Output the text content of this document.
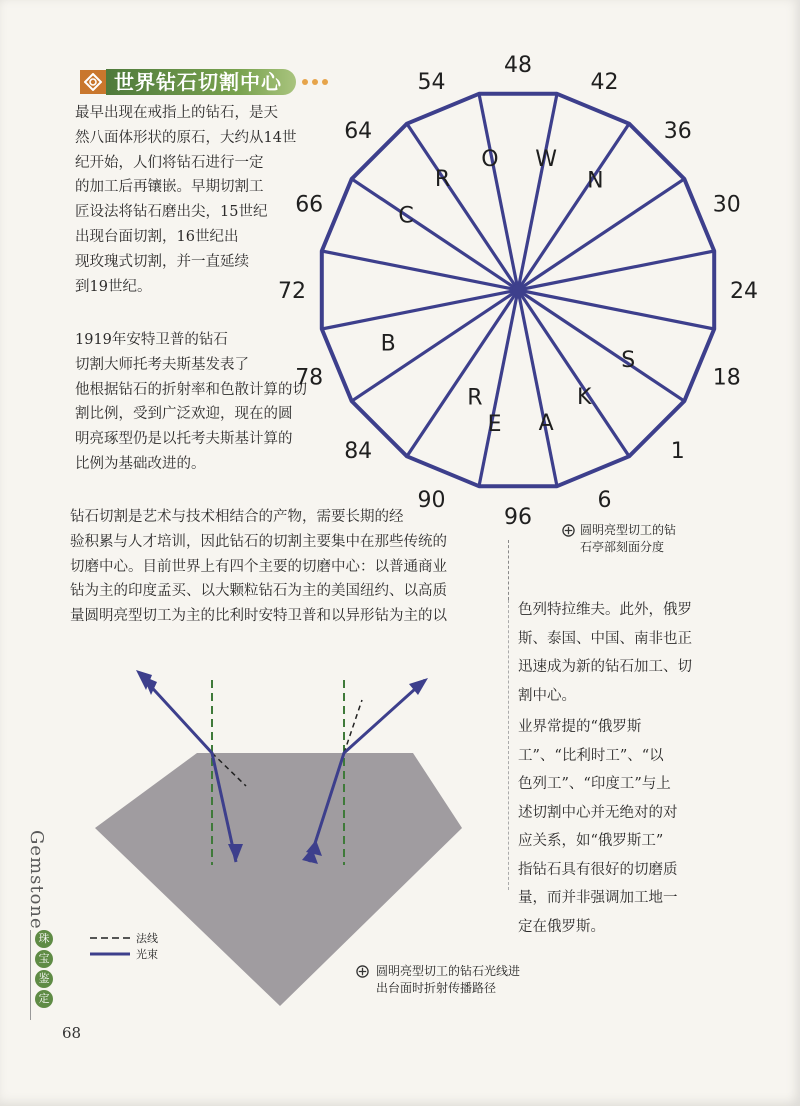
世界钻石切割中心

最早出现在戒指上的钻石，是天
然八面体形状的原石，大约从14世
纪开始，人们将钻石进行一定
的加工后再镶嵌。早期切割工
匠设法将钻石磨出尖，15世纪
出现台面切割，16世纪出
现玫瑰式切割，并一直延续
到19世纪。

1919年安特卫普的钻石
切割大师托考夫斯基发表了
他根据钻石的折射率和色散计算的切
割比例，受到广泛欢迎，现在的圆
明亮琢型仍是以托考夫斯基计算的
比例为基础改进的。

钻石切割是艺术与技术相结合的产物，需要长期的经
验积累与人才培训，因此钻石的切割主要集中在那些传统的
切磨中心。目前世界上有四个主要的切磨中心：以普通商业
钻为主的印度孟买、以大颗粒钻石为主的美国纽约、以高质
量圆明亮型切工为主的比利时安特卫普和以异形钻为主的以	色列特拉维夫。此外，俄罗
斯、泰国、中国、南非也正
迅速成为新的钻石加工、切
割中心。

业界常提的“俄罗斯
工”、“比利时工”、“以
色列工”、“印度工”与上
述切割中心并无绝对的对
应关系，如“俄罗斯工”
指钻石具有很好的切磨质
量，而并非强调加工地一
定在俄罗斯。

48
42
36
30
24
18
1
6
96
90
84
78
72
66
64
54
O W
N
R
C
B
R
E A
K
S
法线
光束
圆明亮型切工的钻
石亭部刻面分度
圆明亮型切工的钻石光线进
出台面时折射传播路径
Gemstone
珠
宝
鉴
定
68
